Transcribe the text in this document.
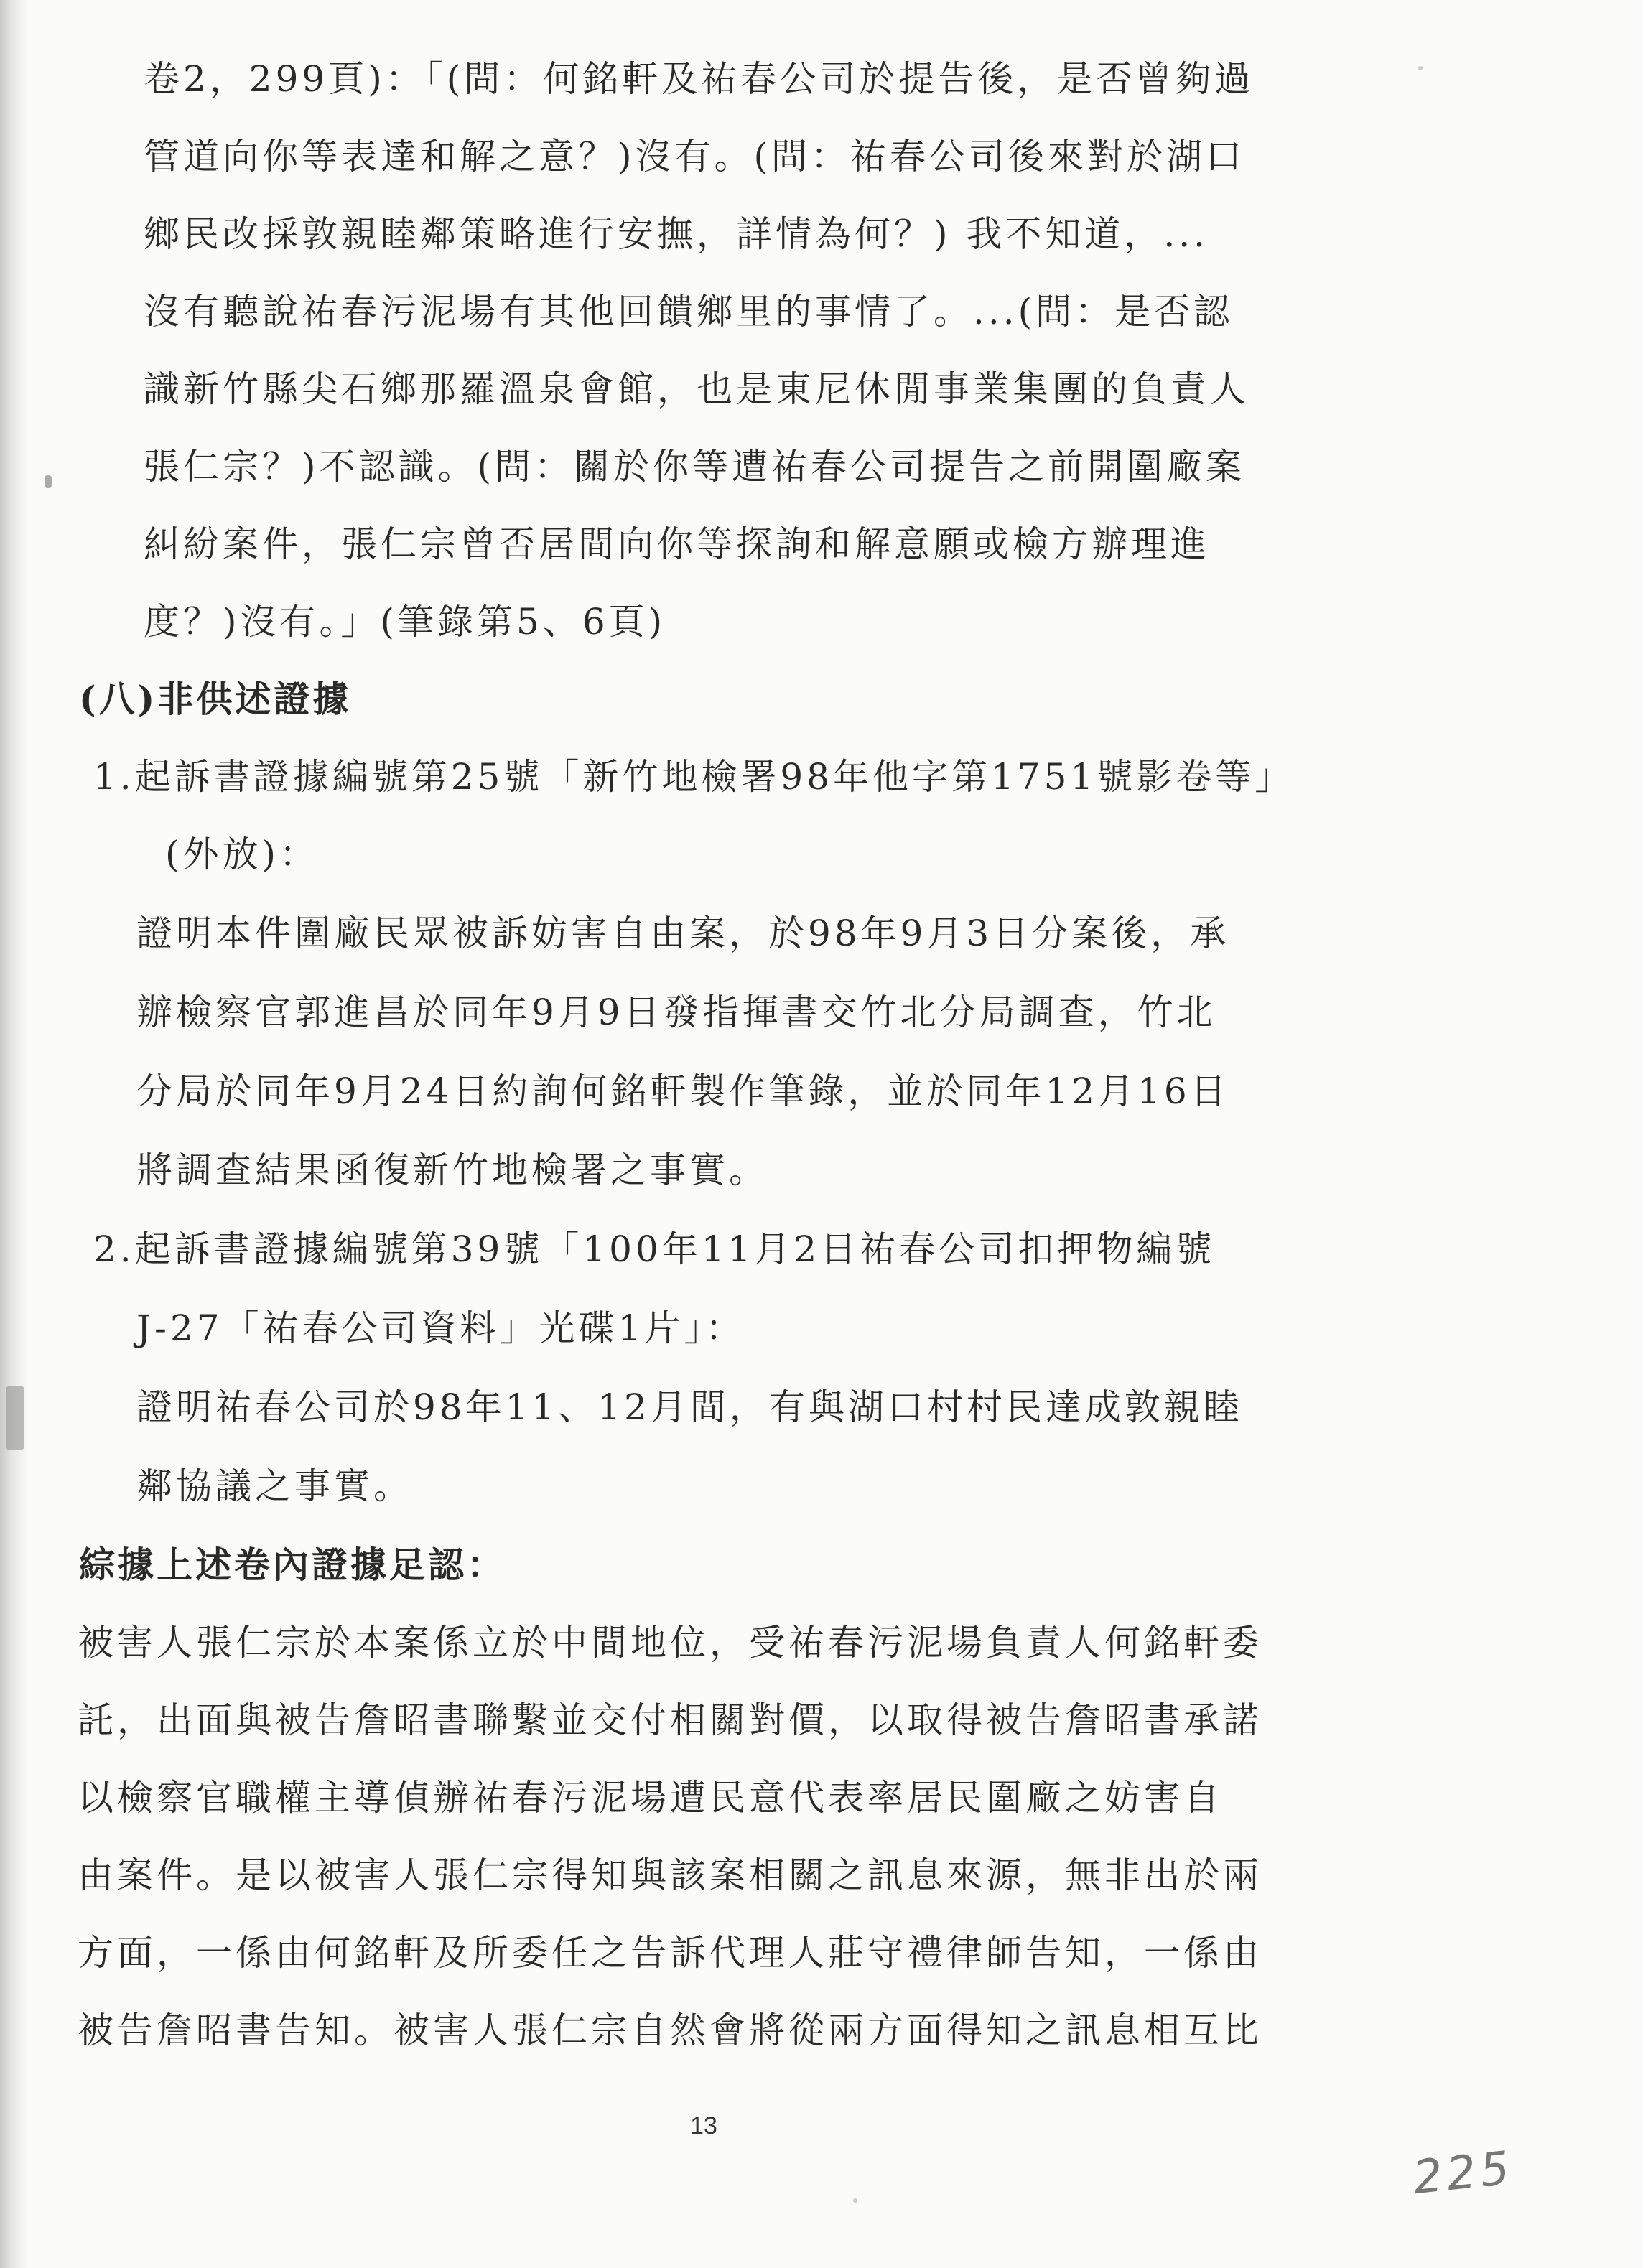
卷2，299頁)：「(問：何銘軒及祐春公司於提告後，是否曾夠過
管道向你等表達和解之意？)沒有。(問：祐春公司後來對於湖口
鄉民改採敦親睦鄰策略進行安撫，詳情為何？) 我不知道，...
沒有聽說祐春污泥場有其他回饋鄉里的事情了。...(問：是否認
識新竹縣尖石鄉那羅溫泉會館，也是東尼休閒事業集團的負責人
張仁宗？)不認識。(問：關於你等遭祐春公司提告之前開圍廠案
糾紛案件，張仁宗曾否居間向你等探詢和解意願或檢方辦理進
度？)沒有。」(筆錄第5、6頁)
(八)非供述證據
1.起訴書證據編號第25號「新竹地檢署98年他字第1751號影卷等」
(外放)：
證明本件圍廠民眾被訴妨害自由案，於98年9月3日分案後，承
辦檢察官郭進昌於同年9月9日發指揮書交竹北分局調查，竹北
分局於同年9月24日約詢何銘軒製作筆錄，並於同年12月16日
將調查結果函復新竹地檢署之事實。
2.起訴書證據編號第39號「100年11月2日祐春公司扣押物編號
J-27「祐春公司資料」光碟1片」：
證明祐春公司於98年11、12月間，有與湖口村村民達成敦親睦
鄰協議之事實。
綜據上述卷內證據足認：
被害人張仁宗於本案係立於中間地位，受祐春污泥場負責人何銘軒委
託，出面與被告詹昭書聯繫並交付相關對價，以取得被告詹昭書承諾
以檢察官職權主導偵辦祐春污泥場遭民意代表率居民圍廠之妨害自
由案件。是以被害人張仁宗得知與該案相關之訊息來源，無非出於兩
方面，一係由何銘軒及所委任之告訴代理人莊守禮律師告知，一係由
被告詹昭書告知。被害人張仁宗自然會將從兩方面得知之訊息相互比
13
225
